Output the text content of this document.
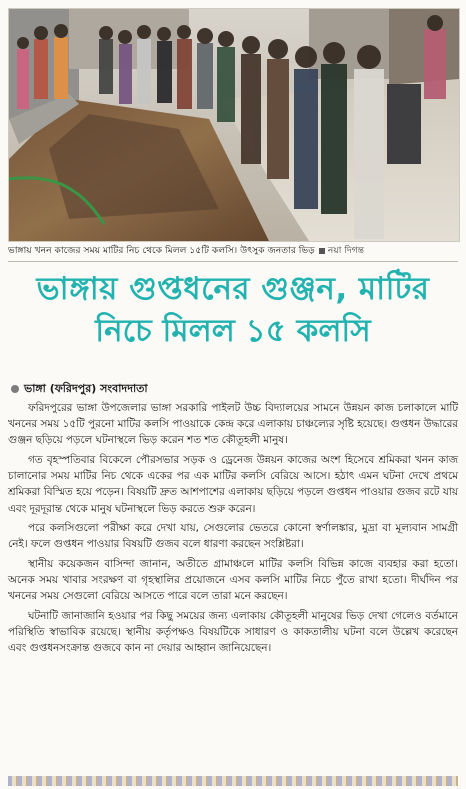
ভাঙ্গায় খনন কাজের সময় মাটির নিচ থেকে মিলল ১৫টি কলসি। উৎসুক জনতার ভিড় নয়া দিগন্ত
ভাঙ্গায় গুপ্তধনের গুঞ্জন, মাটির
নিচে মিলল ১৫ কলসি
ভাঙ্গা (ফরিদপুর) সংবাদদাতা

ফরিদপুরের ভাঙ্গা উপজেলার ভাঙ্গা সরকারি পাইলট উচ্চ বিদ্যালয়ের সামনে উন্নয়ন কাজ চলাকালে মাটি খননের সময় ১৫টি পুরনো মাটির কলসি পাওয়াকে কেন্দ্র করে এলাকায় চাঞ্চল্যের সৃষ্টি হয়েছে। গুপ্তধন উদ্ধারের গুঞ্জন ছড়িয়ে পড়লে ঘটনাস্থলে ভিড় করেন শত শত কৌতূহলী মানুষ।

গত বৃহস্পতিবার বিকেলে পৌরসভার সড়ক ও ড্রেনেজ উন্নয়ন কাজের অংশ হিসেবে শ্রমিকরা খনন কাজ চালানোর সময় মাটির নিচ থেকে একের পর এক মাটির কলসি বেরিয়ে আসে। হঠাৎ এমন ঘটনা দেখে প্রথমে শ্রমিকরা বিস্মিত হয়ে পড়েন। বিষয়টি দ্রুত আশপাশের এলাকায় ছড়িয়ে পড়লে গুপ্তধন পাওয়ার গুজব রটে যায় এবং দূরদূরান্ত থেকে মানুষ ঘটনাস্থলে ভিড় করতে শুরু করেন।

পরে কলসিগুলো পরীক্ষা করে দেখা যায়, সেগুলোর ভেতরে কোনো স্বর্ণালঙ্কার, মুদ্রা বা মূল্যবান সামগ্রী নেই। ফলে গুপ্তধন পাওয়ার বিষয়টি গুজব বলে ধারণা করছেন সংশ্লিষ্টরা।

স্থানীয় কয়েকজন বাসিন্দা জানান, অতীতে গ্রামাঞ্চলে মাটির কলসি বিভিন্ন কাজে ব্যবহার করা হতো। অনেক সময় খাবার সংরক্ষণ বা গৃহস্থালির প্রয়োজনে এসব কলসি মাটির নিচে পুঁতে রাখা হতো। দীর্ঘদিন পর খননের সময় সেগুলো বেরিয়ে আসতে পারে বলে তারা মনে করছেন।

ঘটনাটি জানাজানি হওয়ার পর কিছু সময়ের জন্য এলাকায় কৌতূহলী মানুষের ভিড় দেখা গেলেও বর্তমানে পরিস্থিতি স্বাভাবিক রয়েছে। স্থানীয় কর্তৃপক্ষও বিষয়টিকে সাধারণ ও কাকতালীয় ঘটনা বলে উল্লেখ করেছেন এবং গুপ্তধনসংক্রান্ত গুজবে কান না দেয়ার আহ্বান জানিয়েছেন।
